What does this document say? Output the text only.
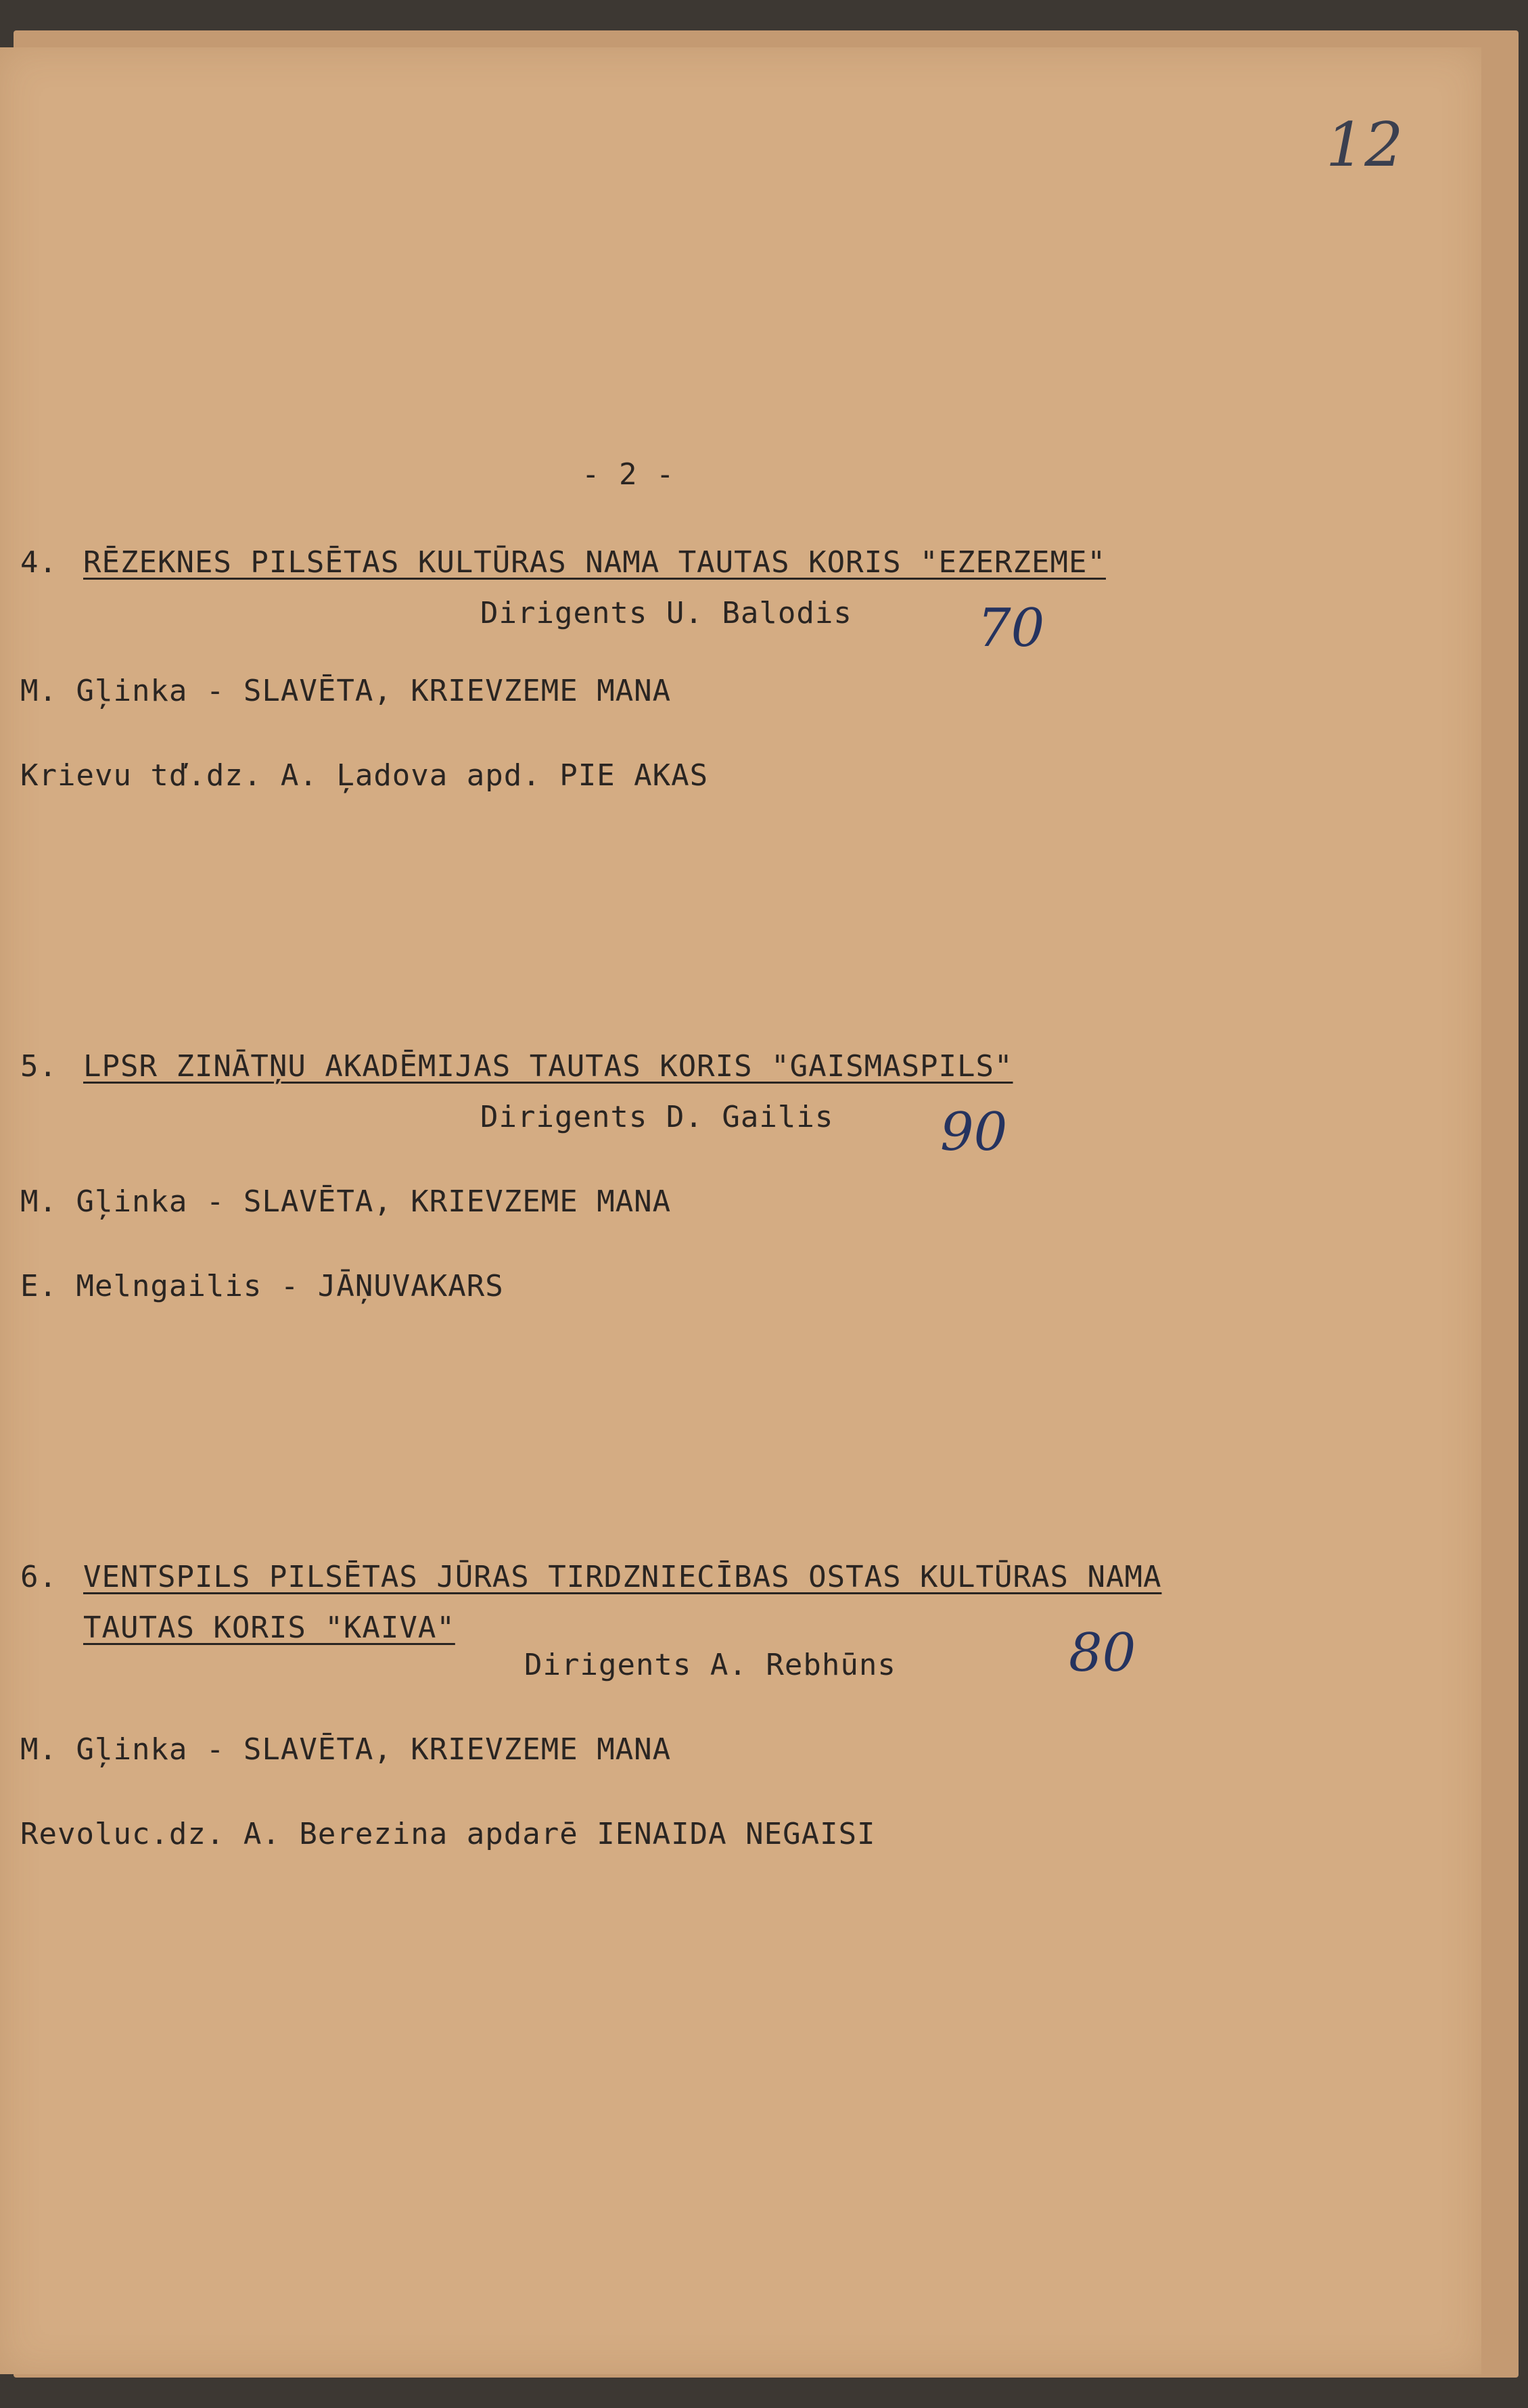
12
- 2 -
4. RĒZEKNES PILSĒTAS KULTŪRAS NAMA TAUTAS KORIS "EZERZEME"
Dirigents U. Balodis 70
M. Gļinka - SLAVĒTA, KRIEVZEME MANA
Krievu tď.dz. A. Ļadova apd. PIE AKAS
5. LPSR ZINĀTŅU AKADĒMIJAS TAUTAS KORIS "GAISMASPILS"
Dirigents D. Gailis 90
M. Gļinka - SLAVĒTA, KRIEVZEME MANA
E. Melngailis - JĀŅUVAKARS
6. VENTSPILS PILSĒTAS JŪRAS TIRDZNIECĪBAS OSTAS KULTŪRAS NAMA
TAUTAS KORIS "KAIVA"
Dirigents A. Rebhūns	80
M. Gļinka - SLAVĒTA, KRIEVZEME MANA
Revoluc.dz. A. Berezina apdarē IENAIDA NEGAISI
